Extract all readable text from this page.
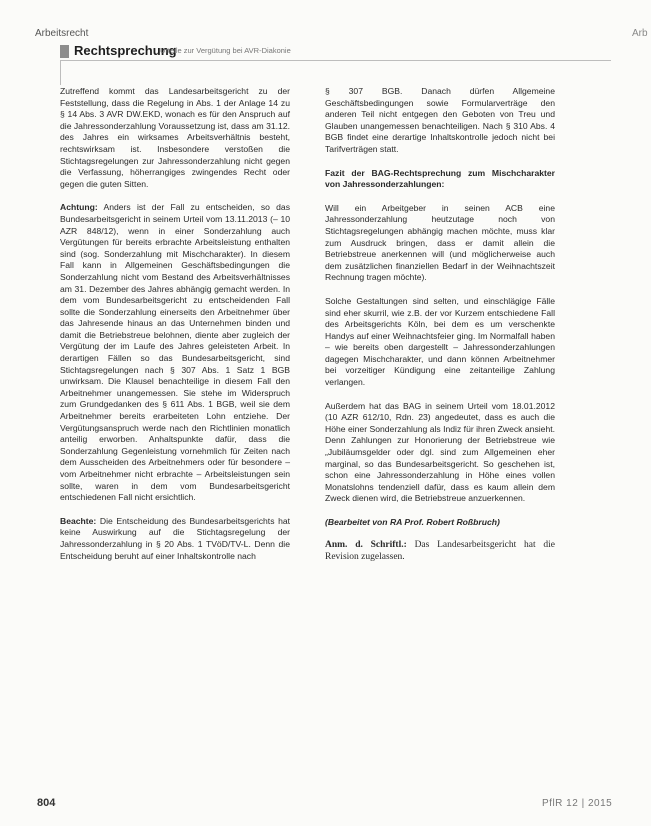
Arbeitsrecht	Arb
Rechtsprechung
Urteile zur Vergütung bei AVR-Diakonie

Zutreffend kommt das Landesarbeitsgericht zu der Feststellung, dass die Regelung in Abs. 1 der Anlage 14 zu § 14 Abs. 3 AVR DW.EKD, wonach es für den Anspruch auf die Jahressonderzahlung Voraussetzung ist, dass am 31.12. des Jahres ein wirksames Arbeitsverhältnis besteht, rechtswirksam ist. Insbesondere verstoßen die Stichtagsregelungen zur Jahressonderzahlung nicht gegen die Verfassung, höherrangiges zwingendes Recht oder gegen die guten Sitten.

Achtung: Anders ist der Fall zu entscheiden, so das Bundesarbeitsgericht in seinem Urteil vom 13.11.2013 (– 10 AZR 848/12), wenn in einer Sonderzahlung auch Vergütungen für bereits erbrachte Arbeitsleistung enthalten sind (sog. Sonderzahlung mit Mischcharakter). In diesem Fall kann in Allgemeinen Geschäftsbedingungen die Sonderzahlung nicht vom Bestand des Arbeitsverhältnisses am 31. Dezember des Jahres abhängig gemacht werden. In dem vom Bundesarbeitsgericht zu entscheidenden Fall sollte die Sonderzahlung einerseits den Arbeitnehmer über das Jahresende hinaus an das Unternehmen binden und damit die Betriebstreue belohnen, diente aber zugleich der Vergütung der im Laufe des Jahres geleisteten Arbeit. In derartigen Fällen so das Bundesarbeitsgericht, sind Stichtagsregelungen nach § 307 Abs. 1 Satz 1 BGB unwirksam. Die Klausel benachteilige in diesem Fall den Arbeitnehmer unangemessen. Sie stehe im Widerspruch zum Grundgedanken des § 611 Abs. 1 BGB, weil sie dem Arbeitnehmer bereits erarbeiteten Lohn entziehe. Der Vergütungsanspruch werde nach den Richtlinien monatlich anteilig erworben. Anhaltspunkte dafür, dass die Sonderzahlung Gegenleistung vornehmlich für Zeiten nach dem Ausscheiden des Arbeitnehmers oder für besondere – vom Arbeitnehmer nicht erbrachte – Arbeitsleistungen sein sollte, waren in dem vom Bundesarbeitsgericht entschiedenen Fall nicht ersichtlich.

Beachte: Die Entscheidung des Bundesarbeitsgerichts hat keine Auswirkung auf die Stichtagsregelung der Jahressonderzahlung in § 20 Abs. 1 TVöD/TV-L. Denn die Entscheidung beruht auf einer Inhaltskontrolle nach

§ 307 BGB. Danach dürfen Allgemeine Geschäftsbedingungen sowie Formularverträge den anderen Teil nicht entgegen den Geboten von Treu und Glauben unangemessen benachteiligen. Nach § 310 Abs. 4 BGB findet eine derartige Inhaltskontrolle jedoch nicht bei Tarifverträgen statt.

Fazit der BAG-Rechtsprechung zum Mischcharakter von Jahressonderzahlungen:

Will ein Arbeitgeber in seinen ACB eine Jahressonderzahlung heutzutage noch von Stichtagsregelungen abhängig machen möchte, muss klar zum Ausdruck bringen, dass er damit allein die Betriebstreue anerkennen will (und möglicherweise auch dem zusätzlichen finanziellen Bedarf in der Weihnachtszeit Rechnung tragen möchte).

Solche Gestaltungen sind selten, und einschlägige Fälle sind eher skurril, wie z.B. der vor Kurzem entschiedene Fall des Arbeitsgerichts Köln, bei dem es um verschenkte Handys auf einer Weihnachtsfeier ging. Im Normalfall haben – wie bereits oben dargestellt – Jahressonderzahlungen dagegen Mischcharakter, und dann können Arbeitnehmer bei vorzeitiger Kündigung eine zeitanteilige Zahlung verlangen.

Außerdem hat das BAG in seinem Urteil vom 18.01.2012 (10 AZR 612/10, Rdn. 23) angedeutet, dass es auch die Höhe einer Sonderzahlung als Indiz für ihren Zweck ansieht. Denn Zahlungen zur Honorierung der Betriebstreue wie „Jubiläumsgelder oder dgl. sind zum Allgemeinen eher marginal, so das Bundesarbeitsgericht. So geschehen ist, schon eine Jahressonderzahlung in Höhe eines vollen Monatslohns tendenziell dafür, dass es kaum allein dem Zweck dienen wird, die Betriebstreue anzuerkennen.

(Bearbeitet von RA Prof. Robert Roßbruch)

Anm. d. Schriftl.: Das Landesarbeitsgericht hat die Revision zugelassen.

804	PflR 12 | 2015
